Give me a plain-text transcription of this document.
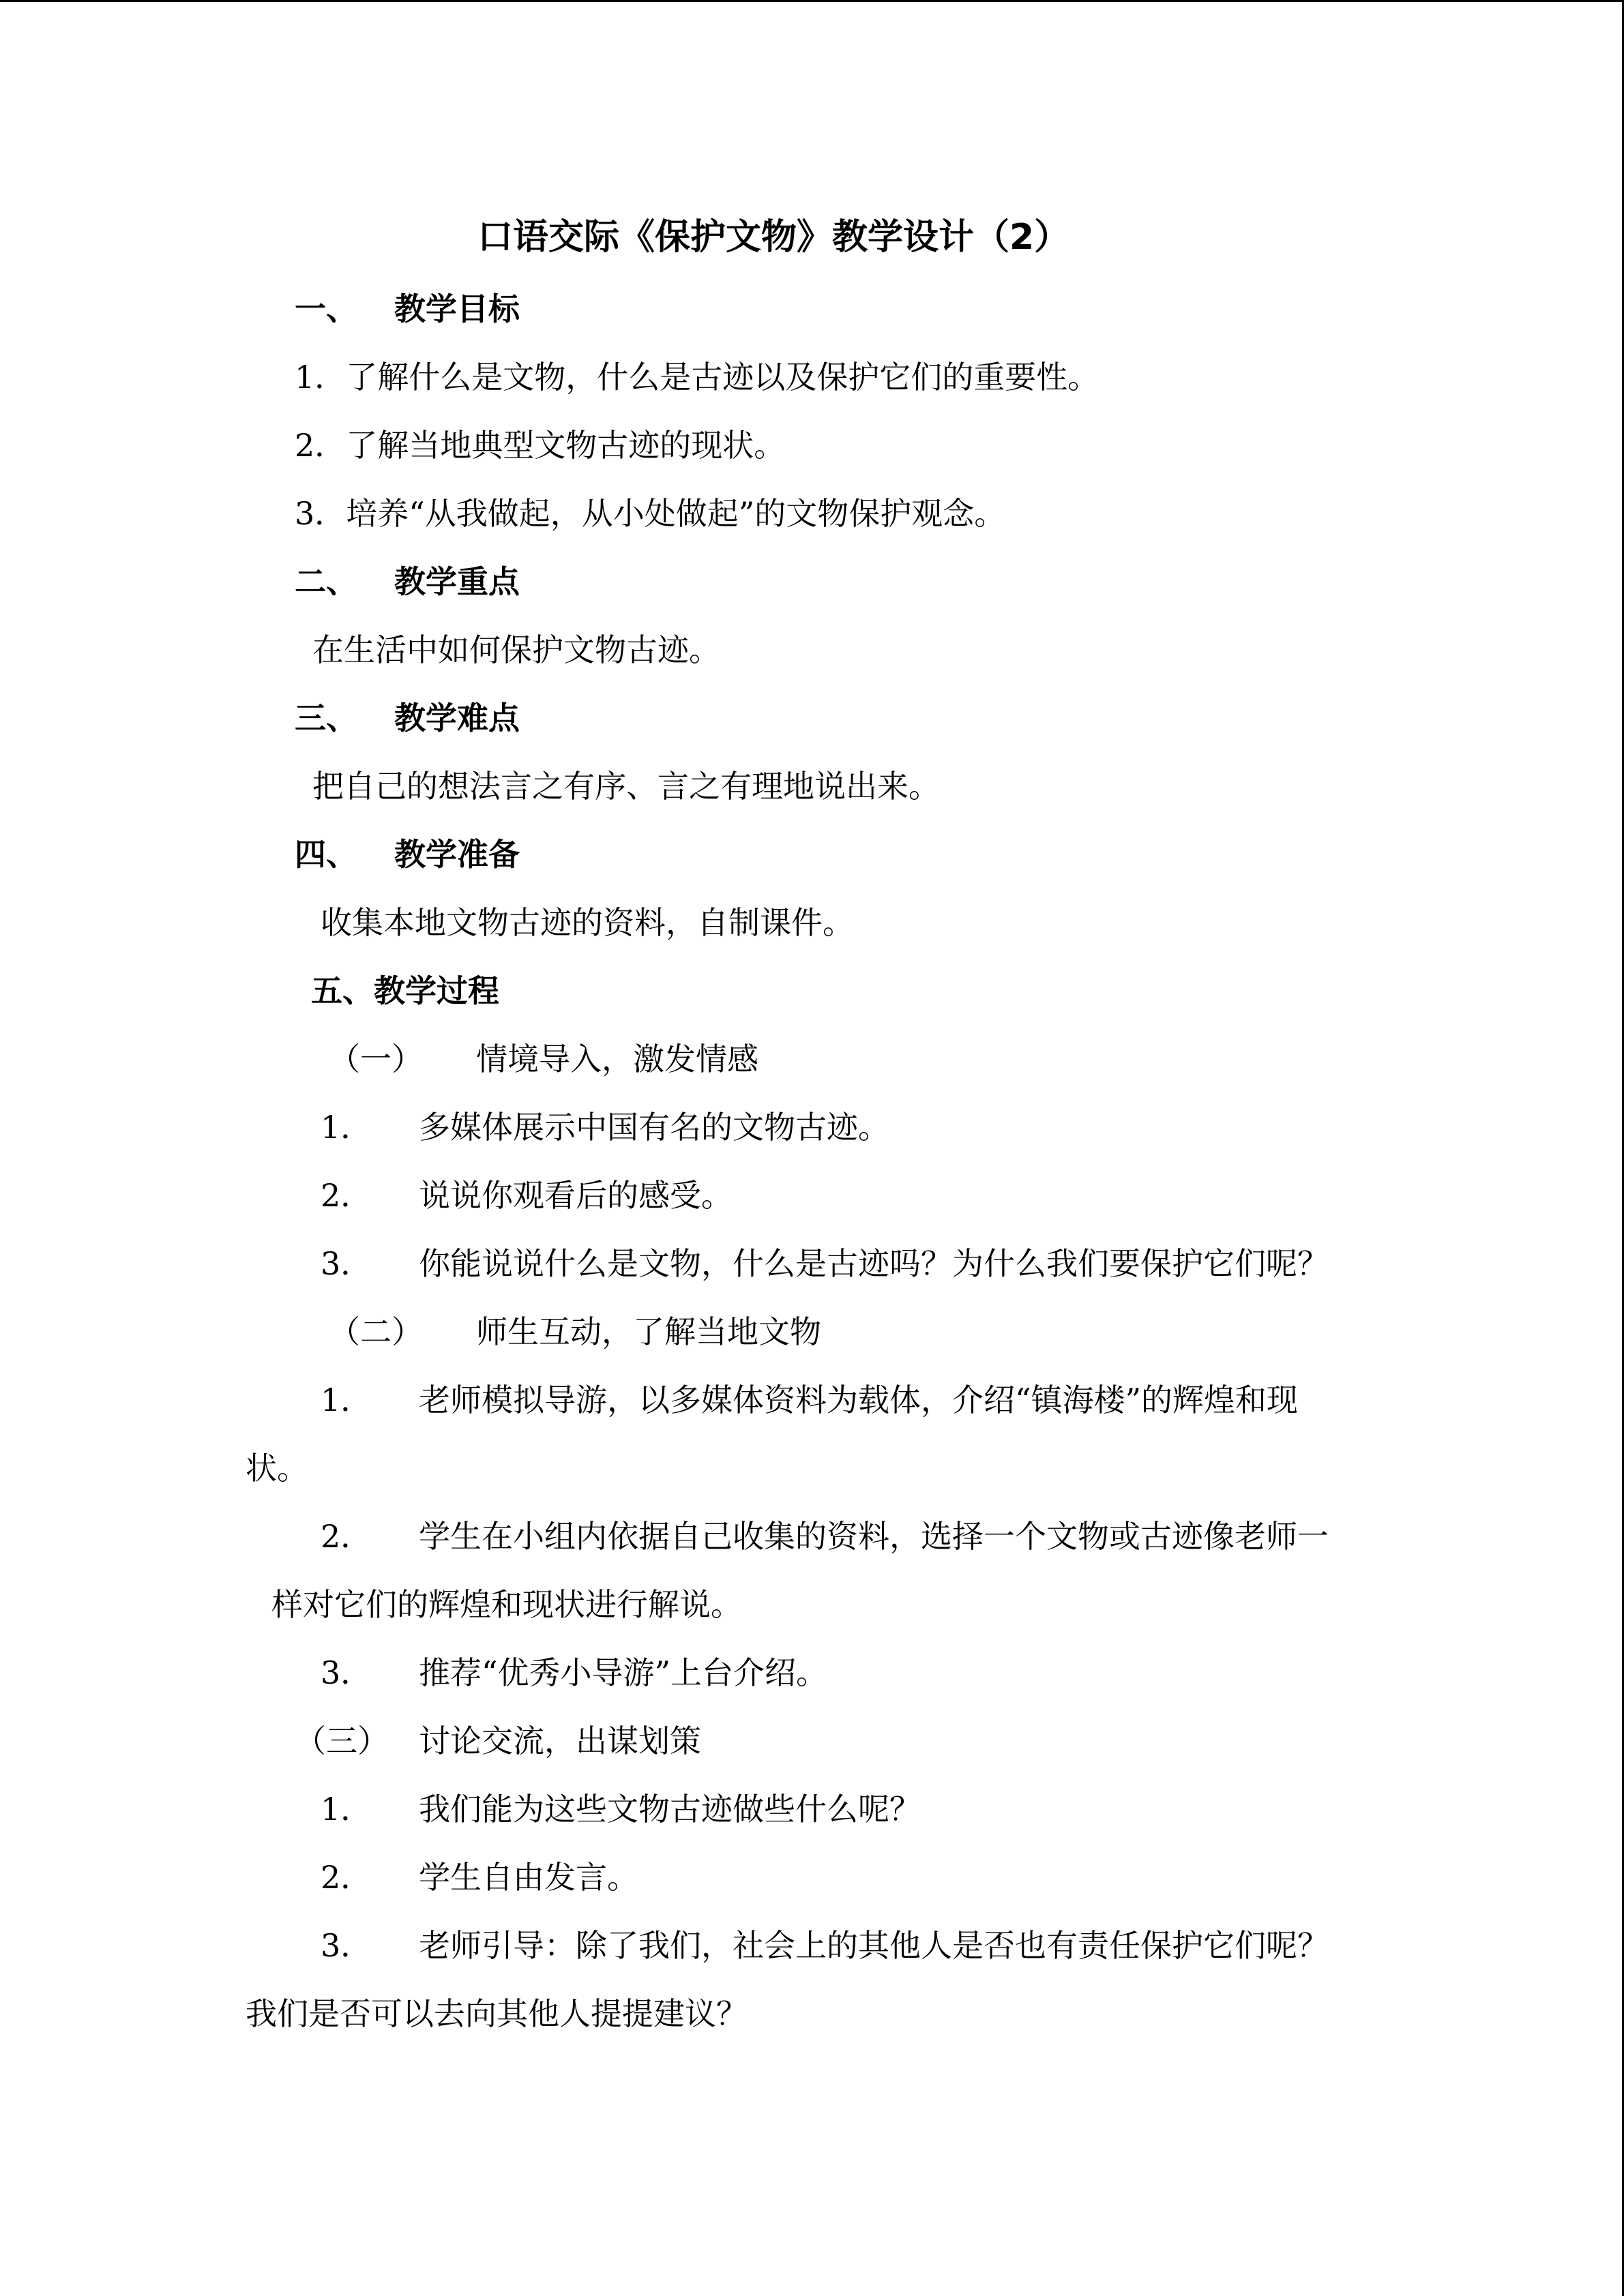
口语交际《保护文物》教学设计（2）
一、 教学目标
1．了解什么是文物，什么是古迹以及保护它们的重要性。
2．了解当地典型文物古迹的现状。
3．培养“从我做起，从小处做起”的文物保护观念。
二、 教学重点
在生活中如何保护文物古迹。
三、 教学难点
把自己的想法言之有序、言之有理地说出来。
四、 教学准备
收集本地文物古迹的资料，自制课件。
五、教学过程
（一） 情境导入，激发情感
1． 多媒体展示中国有名的文物古迹。
2． 说说你观看后的感受。
3． 你能说说什么是文物，什么是古迹吗？为什么我们要保护它们呢？
（二） 师生互动，了解当地文物
1． 老师模拟导游，以多媒体资料为载体，介绍“镇海楼”的辉煌和现
状。
2． 学生在小组内依据自己收集的资料，选择一个文物或古迹像老师一
样对它们的辉煌和现状进行解说。
3． 推荐“优秀小导游”上台介绍。
（三） 讨论交流，出谋划策
1． 我们能为这些文物古迹做些什么呢？
2． 学生自由发言。
3． 老师引导：除了我们，社会上的其他人是否也有责任保护它们呢？
我们是否可以去向其他人提提建议？
